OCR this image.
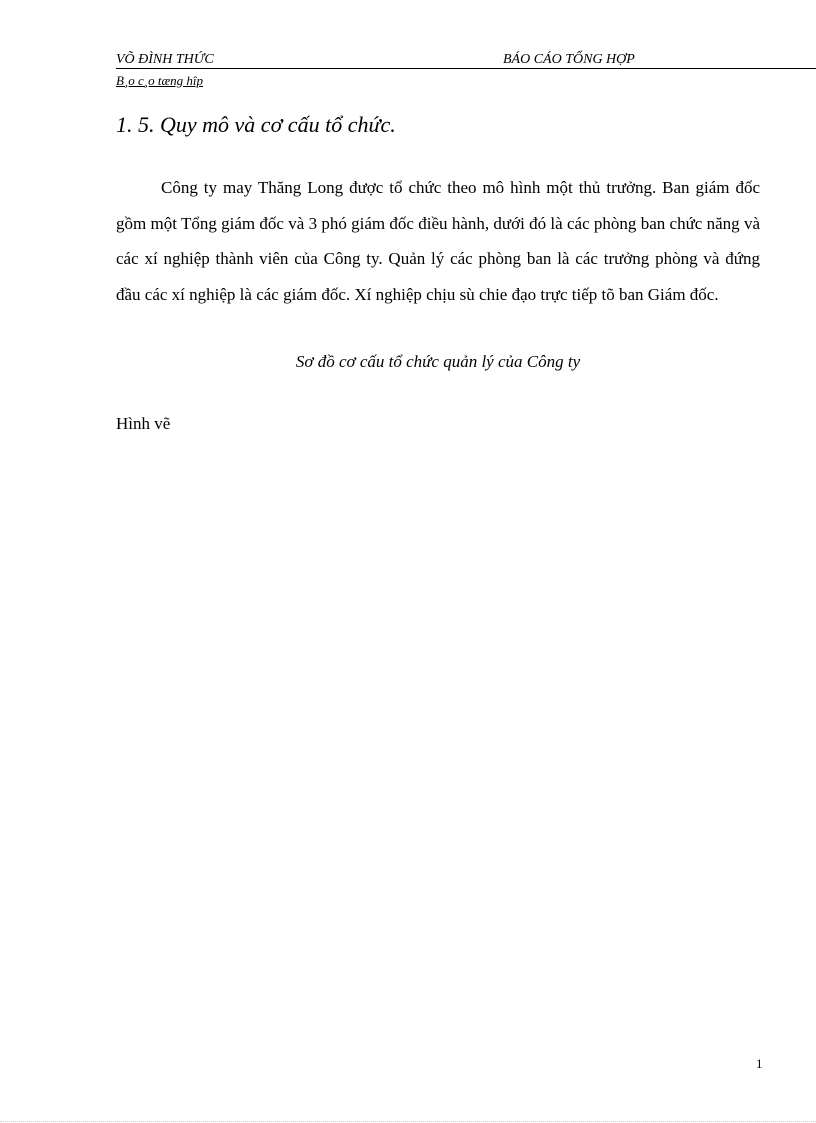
VÕ ĐÌNH THỨC	BÁO CÁO TỔNG HỢP
B¸o c¸o tæng hîp
1. 5. Quy mô và cơ cấu tổ chức.

Công ty may Thăng Long được tổ chức theo mô hình một thủ trưởng. Ban giám đốc gồm một Tổng giám đốc và 3 phó giám đốc điều hành, dưới đó là các phòng ban chức năng và các xí nghiệp thành viên của Công ty. Quản lý các phòng ban là các trưởng phòng và đứng đầu các xí nghiệp là các giám đốc. Xí nghiệp chịu sù chie đạo trực tiếp tõ ban Giám đốc.

Sơ đồ cơ cấu tổ chức quản lý của Công ty
Hình vẽ
1
